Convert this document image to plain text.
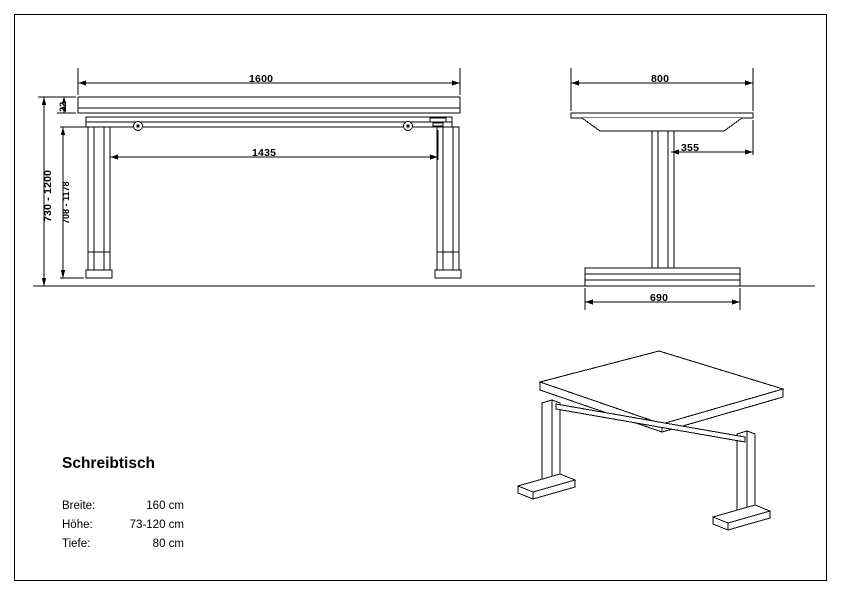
1600
1435
22
730 - 1200 708 - 1178
800
355
690
Schreibtisch
Breite:	160 cm
Höhe:	73-120 cm
Tiefe:	80 cm
